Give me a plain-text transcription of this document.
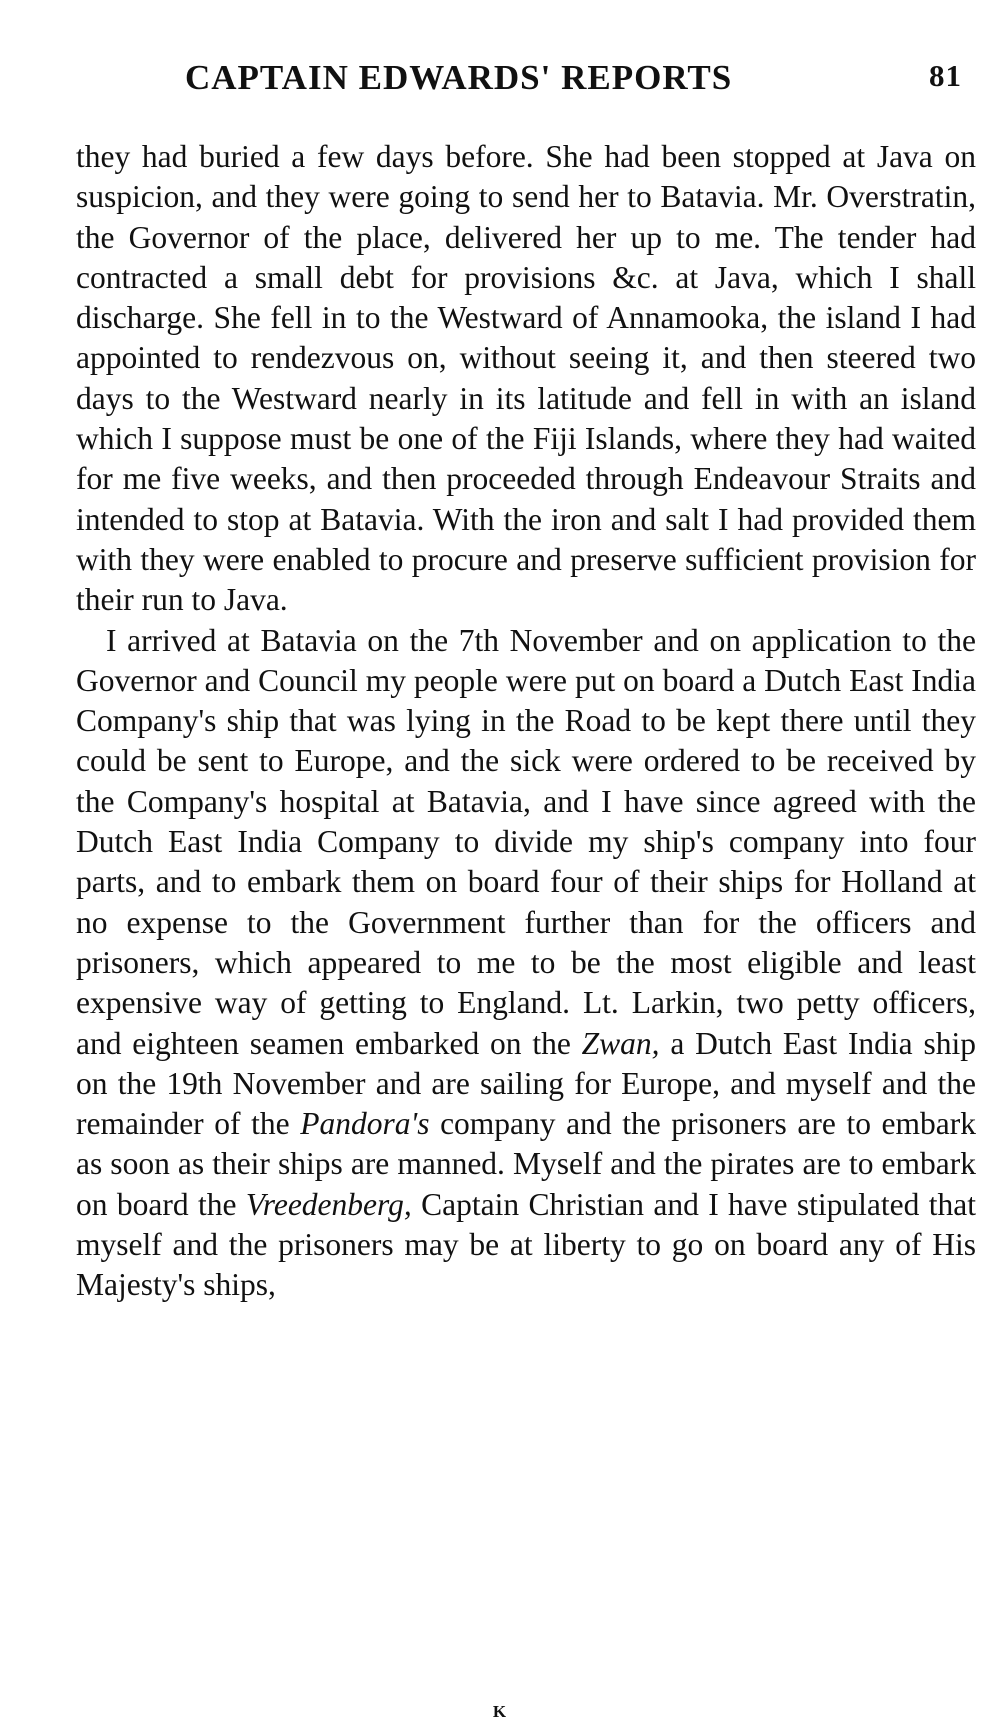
CAPTAIN EDWARDS' REPORTS	81

they had buried a few days before. She had been stopped at Java on suspicion, and they were going to send her to Batavia. Mr. Overstratin, the Governor of the place, delivered her up to me. The tender had contracted a small debt for provisions &c. at Java, which I shall discharge. She fell in to the Westward of Annamooka, the island I had appointed to rendezvous on, without seeing it, and then steered two days to the Westward nearly in its latitude and fell in with an island which I suppose must be one of the Fiji Islands, where they had waited for me five weeks, and then proceeded through Endeavour Straits and intended to stop at Batavia. With the iron and salt I had provided them with they were enabled to procure and preserve sufficient provision for their run to Java.

I arrived at Batavia on the 7th November and on application to the Governor and Council my people were put on board a Dutch East India Company's ship that was lying in the Road to be kept there until they could be sent to Europe, and the sick were ordered to be received by the Company's hospital at Batavia, and I have since agreed with the Dutch East India Company to divide my ship's company into four parts, and to embark them on board four of their ships for Holland at no expense to the Government further than for the officers and prisoners, which appeared to me to be the most eligible and least expensive way of getting to England. Lt. Larkin, two petty officers, and eighteen seamen embarked on the Zwan, a Dutch East India ship on the 19th November and are sailing for Europe, and myself and the remainder of the Pandora's company and the prisoners are to embark as soon as their ships are manned. Myself and the pirates are to embark on board the Vreedenberg, Captain Christian and I have stipulated that myself and the prisoners may be at liberty to go on board any of His Majesty's ships,

K
